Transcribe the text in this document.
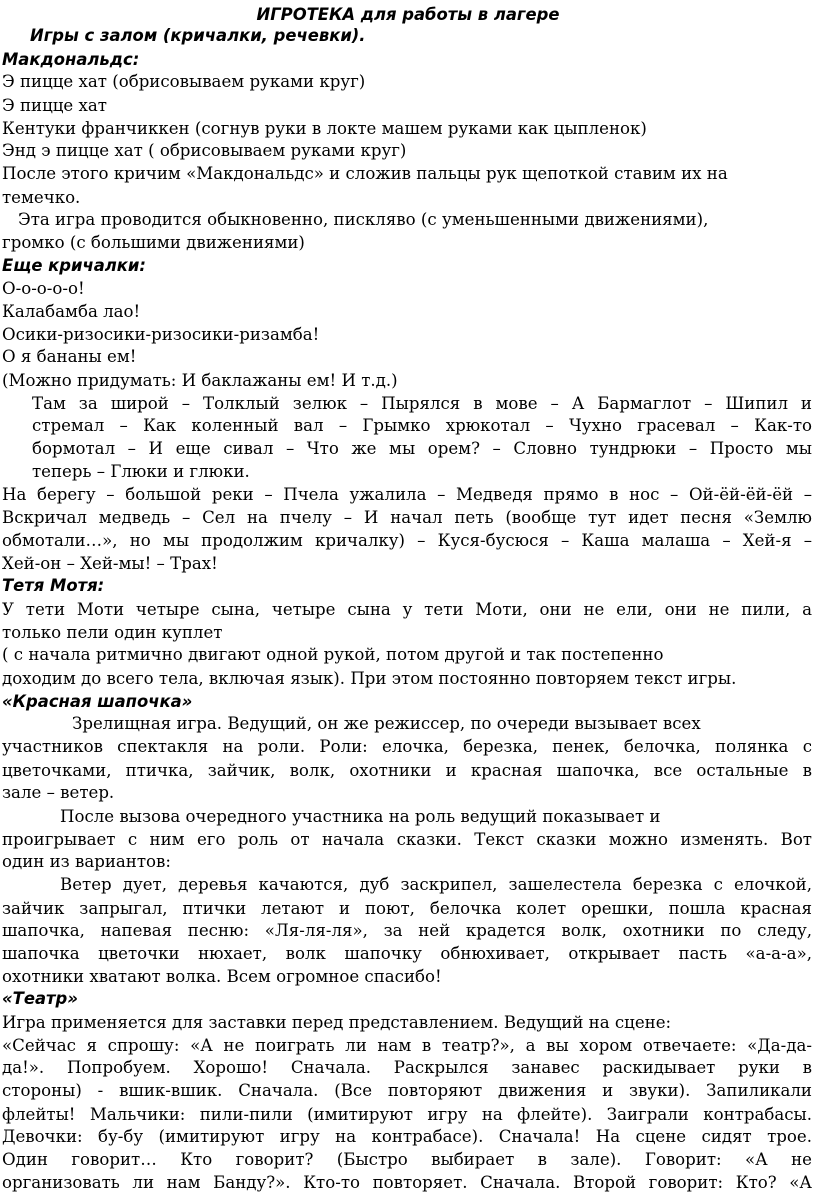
ИГРОТЕКА для работы в лагере
Игры с залом (кричалки, речевки).
Макдональдс:
Э пицце хат (обрисовываем руками круг)
Э пицце хат
Кентуки франчиккен (согнув руки в локте машем руками как цыпленок)
Энд э пицце хат ( обрисовываем руками круг)
После этого кричим «Макдональдс» и сложив пальцы рук щепоткой ставим их на
темечко.
Эта игра проводится обыкновенно, пискляво (с уменьшенными движениями),
громко (с большими движениями)
Еще кричалки:
О-о-о-о-о!
Калабамба лао!
Осики-ризосики-ризосики-ризамба!
О я бананы ем!
(Можно придумать: И баклажаны ем! И т.д.)
Там за широй – Толклый зелюк – Пырялся в мове – А Бармаглот – Шипил и
стремал – Как коленный вал – Грымко хрюкотал – Чухно грасевал – Как-то
бормотал – И еще сивал – Что же мы орем? – Словно тундрюки – Просто мы
теперь – Глюки и глюки.
На берегу – большой реки – Пчела ужалила – Медведя прямо в нос – Ой-ёй-ёй-ёй –
Вскричал медведь – Сел на пчелу – И начал петь (вообще тут идет песня «Землю
обмотали…», но мы продолжим кричалку) – Куся-бусюся – Каша малаша – Хей-я –
Хей-он – Хей-мы! – Трах!
Тетя Мотя:
У тети Моти четыре сына, четыре сына у тети Моти, они не ели, они не пили, а
только пели один куплет
( с начала ритмично двигают одной рукой, потом другой и так постепенно
доходим до всего тела, включая язык). При этом постоянно повторяем текст игры.
«Красная шапочка»
Зрелищная игра. Ведущий, он же режиссер, по очереди вызывает всех
участников спектакля на роли. Роли: елочка, березка, пенек, белочка, полянка с
цветочками, птичка, зайчик, волк, охотники и красная шапочка, все остальные в
зале – ветер.
После вызова очередного участника на роль ведущий показывает и
проигрывает с ним его роль от начала сказки. Текст сказки можно изменять. Вот
один из вариантов:
Ветер дует, деревья качаются, дуб заскрипел, зашелестела березка с елочкой,
зайчик запрыгал, птички летают и поют, белочка колет орешки, пошла красная
шапочка, напевая песню: «Ля-ля-ля», за ней крадется волк, охотники по следу,
шапочка цветочки нюхает, волк шапочку обнюхивает, открывает пасть «а-а-а»,
охотники хватают волка. Всем огромное спасибо!
«Театр»
Игра применяется для заставки перед представлением. Ведущий на сцене:
«Сейчас я спрошу: «А не поиграть ли нам в театр?», а вы хором отвечаете: «Да-да-
да!». Попробуем. Хорошо! Сначала. Раскрылся занавес раскидывает руки в
стороны) - вшик-вшик. Сначала. (Все повторяют движения и звуки). Запиликали
флейты! Мальчики: пили-пили (имитируют игру на флейте). Заиграли контрабасы.
Девочки: бу-бу (имитируют игру на контрабасе). Сначала! На сцене сидят трое.
Один говорит… Кто говорит? (Быстро выбирает в зале). Говорит: «А не
организовать ли нам Банду?». Кто-то повторяет. Сначала. Второй говорит: Кто? «А
